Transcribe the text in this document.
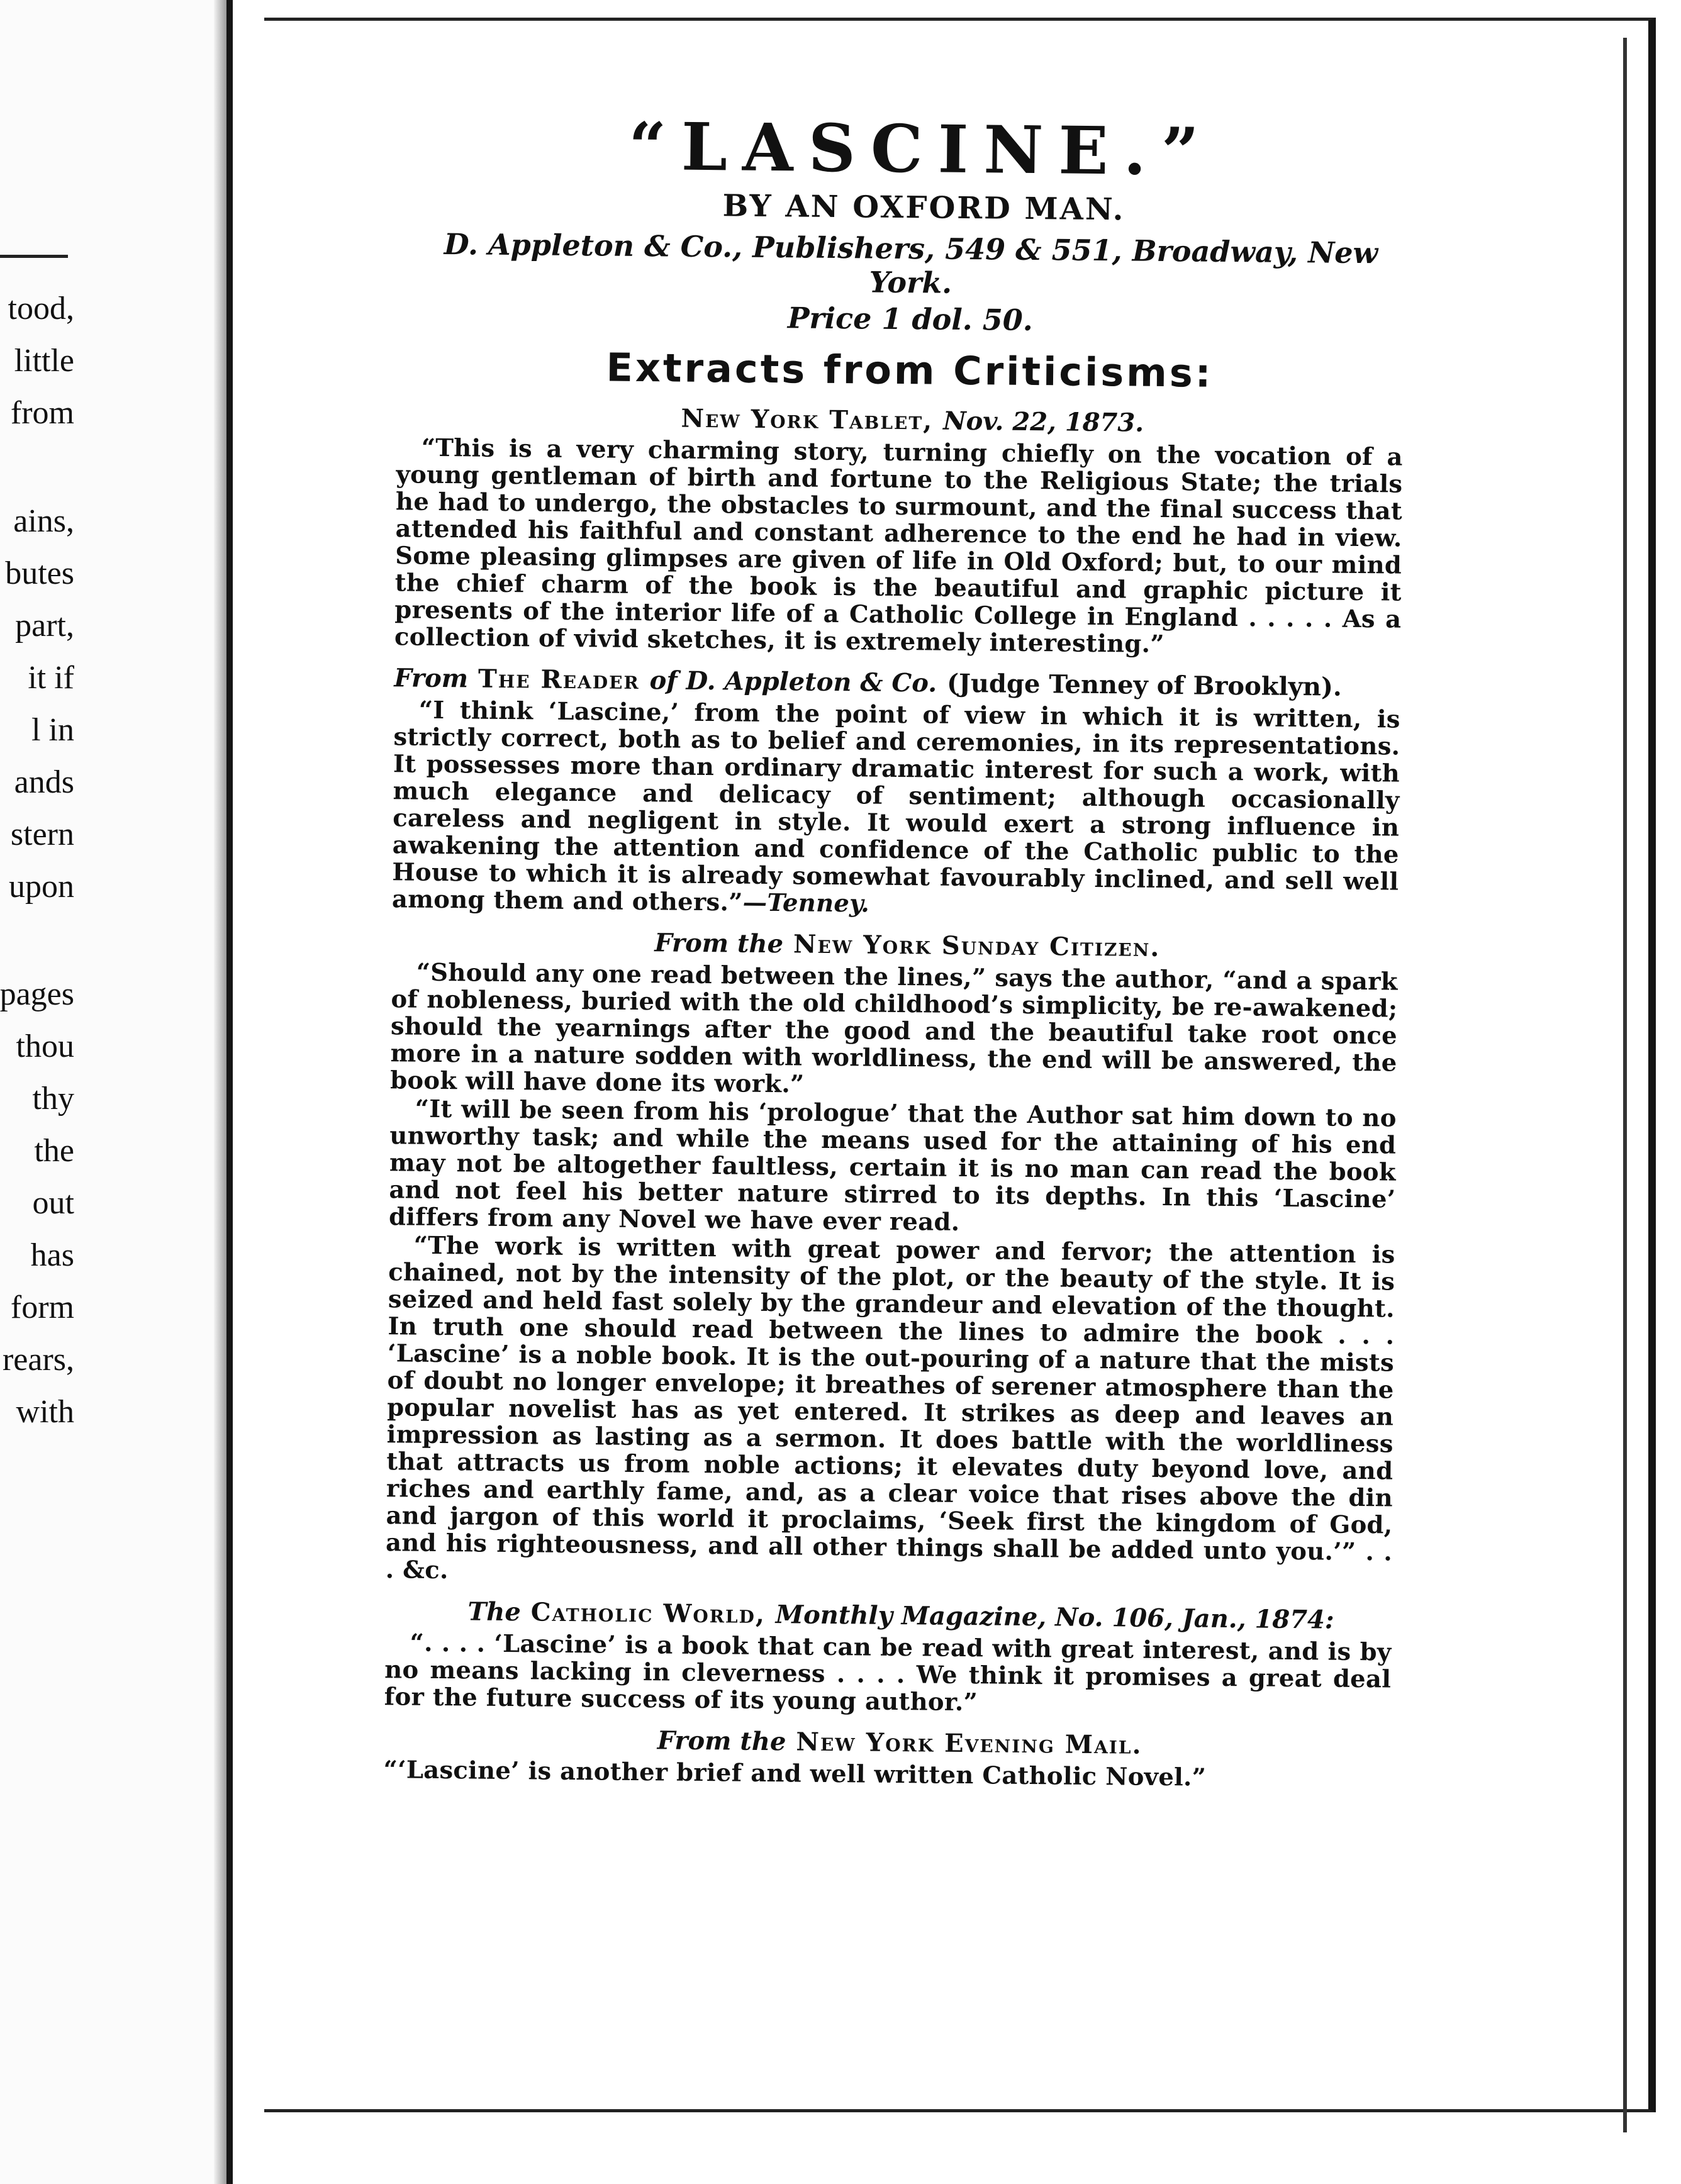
tood,
little
from
ains,
butes
part,
it if
l in
ands
stern
upon
pages
thou
thy
the
out
has
form
rears,
with
“LASCINE.”
BY AN OXFORD MAN.
D. Appleton & Co., Publishers, 549 & 551, Broadway, New York.
Price 1 dol. 50.
Extracts from Criticisms:
New York Tablet, Nov. 22, 1873.

“This is a very charming story, turning chiefly on the vocation of a young gentleman of birth and fortune to the Religious State; the trials he had to undergo, the obstacles to surmount, and the final success that attended his faithful and constant adherence to the end he had in view. Some pleasing glimpses are given of life in Old Oxford; but, to our mind the chief charm of the book is the beautiful and graphic picture it presents of the interior life of a Catholic College in England . . . . . As a collection of vivid sketches, it is extremely interesting.”

From The Reader of D. Appleton & Co. (Judge Tenney of Brooklyn).

“I think ‘Lascine,’ from the point of view in which it is written, is strictly correct, both as to belief and ceremonies, in its representations. It possesses more than ordinary dramatic interest for such a work, with much elegance and delicacy of sentiment; although occasionally careless and negligent in style. It would exert a strong influence in awakening the attention and confidence of the Catholic public to the House to which it is already somewhat favourably inclined, and sell well among them and others.”—Tenney.

From the New York Sunday Citizen.

“Should any one read between the lines,” says the author, “and a spark of nobleness, buried with the old childhood’s simplicity, be re-awakened; should the yearnings after the good and the beautiful take root once more in a nature sodden with worldliness, the end will be answered, the book will have done its work.”

“It will be seen from his ‘prologue’ that the Author sat him down to no unworthy task; and while the means used for the attaining of his end may not be altogether faultless, certain it is no man can read the book and not feel his better nature stirred to its depths. In this ‘Lascine’ differs from any Novel we have ever read.

“The work is written with great power and fervor; the attention is chained, not by the intensity of the plot, or the beauty of the style. It is seized and held fast solely by the grandeur and elevation of the thought. In truth one should read between the lines to admire the book . . . ‘Lascine’ is a noble book. It is the out-pouring of a nature that the mists of doubt no longer envelope; it breathes of serener atmosphere than the popular novelist has as yet entered. It strikes as deep and leaves an impression as lasting as a sermon. It does battle with the worldliness that attracts us from noble actions; it elevates duty beyond love, and riches and earthly fame, and, as a clear voice that rises above the din and jargon of this world it proclaims, ‘Seek first the kingdom of God, and his righteousness, and all other things shall be added unto you.’” . . . &c.

The Catholic World, Monthly Magazine, No. 106, Jan., 1874:

“. . . . ‘Lascine’ is a book that can be read with great interest, and is by no means lacking in cleverness . . . . We think it promises a great deal for the future success of its young author.”

From the New York Evening Mail.

“‘Lascine’ is another brief and well written Catholic Novel.”
